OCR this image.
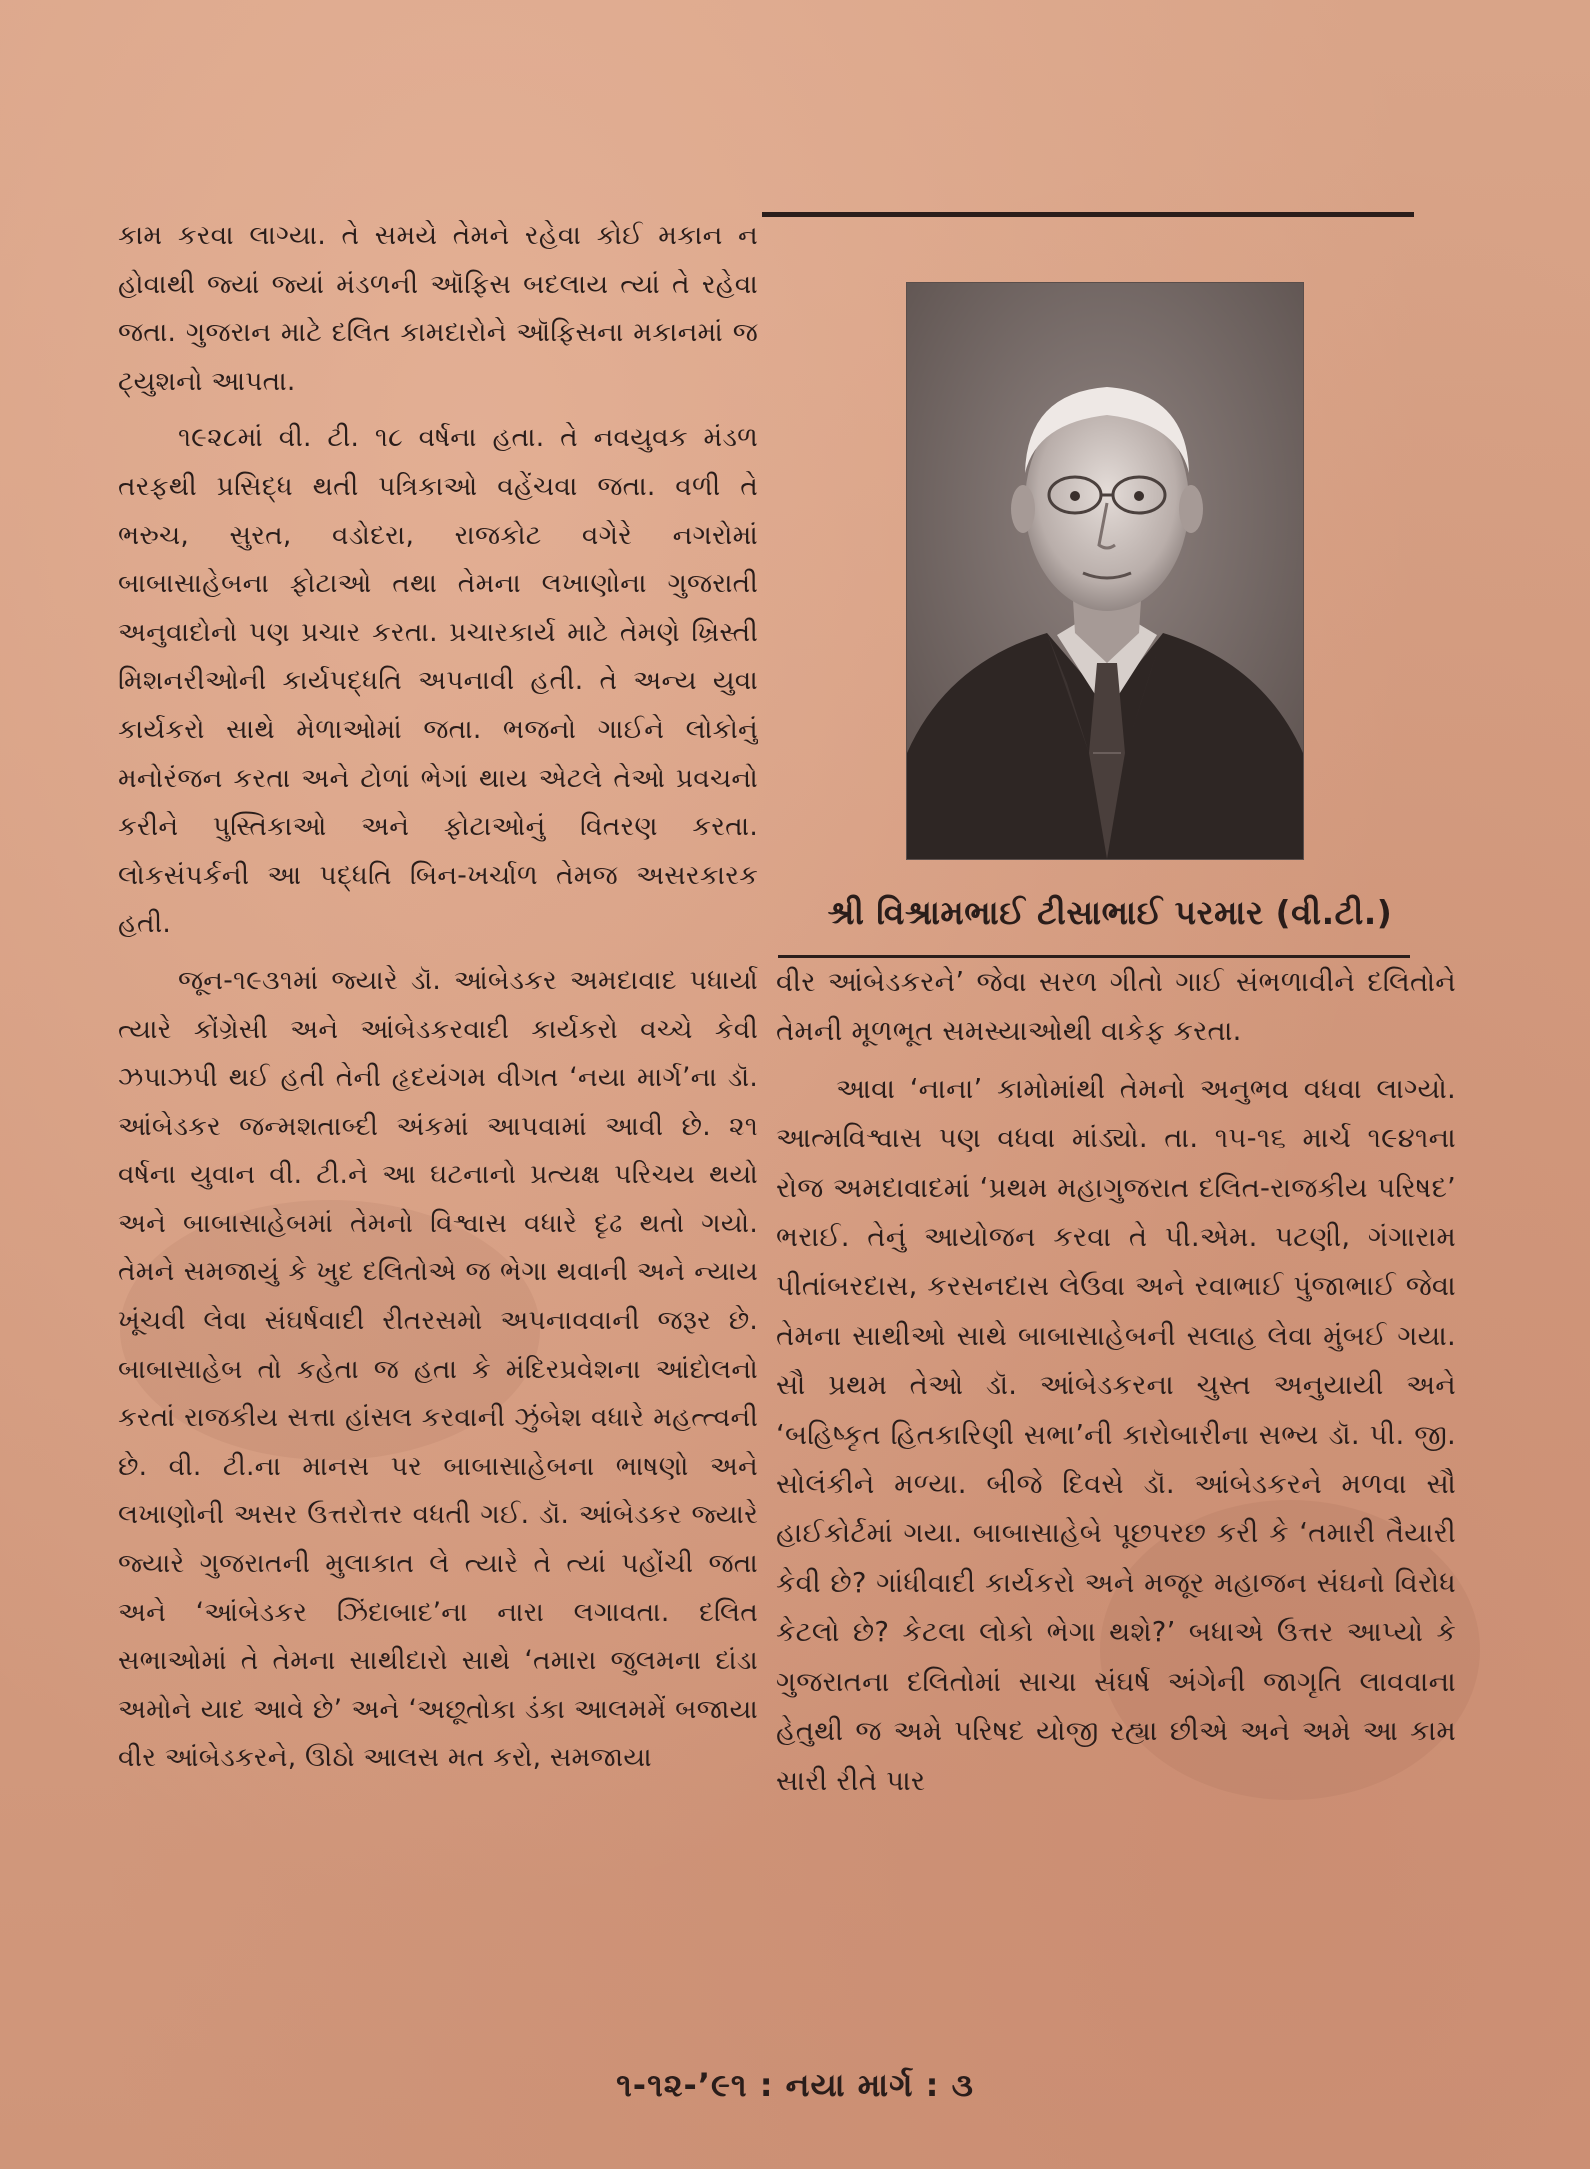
કામ કરવા લાગ્યા. તે સમયે તેમને રહેવા કોઈ મકાન ન હોવાથી જ્યાં જ્યાં મંડળની ઑફિસ બદલાય ત્યાં તે રહેવા જતા. ગુજરાન માટે દલિત કામદારોને ઑફિસના મકાનમાં જ ટ્યુશનો આપતા.

૧૯૨૮માં વી. ટી. ૧૮ વર્ષના હતા. તે નવયુવક મંડળ તરફથી પ્રસિદ્ધ થતી પત્રિકાઓ વહેંચવા જતા. વળી તે ભરુચ, સુરત, વડોદરા, રાજકોટ વગેરે નગરોમાં બાબાસાહેબના ફોટાઓ તથા તેમના લખાણોના ગુજરાતી અનુવાદોનો પણ પ્રચાર કરતા. પ્રચારકાર્ય માટે તેમણે ખ્રિસ્તી મિશનરીઓની કાર્યપદ્ધતિ અપનાવી હતી. તે અન્ય યુવા કાર્યકરો સાથે મેળાઓમાં જતા. ભજનો ગાઈને લોકોનું મનોરંજન કરતા અને ટોળાં ભેગાં થાય એટલે તેઓ પ્રવચનો કરીને પુસ્તિકાઓ અને ફોટાઓનું વિતરણ કરતા. લોકસંપર્કની આ પદ્ધતિ બિન-ખર્ચાળ તેમજ અસરકારક હતી.

જૂન-૧૯૩૧માં જ્યારે ડૉ. આંબેડકર અમદાવાદ પધાર્યા ત્યારે કોંગ્રેસી અને આંબેડકરવાદી કાર્યકરો વચ્ચે કેવી ઝપાઝપી થઈ હતી તેની હૃદયંગમ વીગત ‘નયા માર્ગ’ના ડૉ. આંબેડકર જન્મશતાબ્દી અંકમાં આપવામાં આવી છે. ૨૧ વર્ષના યુવાન વી. ટી.ને આ ઘટનાનો પ્રત્યક્ષ પરિચય થયો અને બાબાસાહેબમાં તેમનો વિશ્વાસ વધારે દૃઢ થતો ગયો. તેમને સમજાયું કે ખુદ દલિતોએ જ ભેગા થવાની અને ન્યાય ખૂંચવી લેવા સંઘર્ષવાદી રીતરસમો અપનાવવાની જરૂર છે. બાબાસાહેબ તો કહેતા જ હતા કે મંદિરપ્રવેશના આંદોલનો કરતાં રાજકીય સત્તા હાંસલ કરવાની ઝુંબેશ વધારે મહત્ત્વની છે. વી. ટી.ના માનસ પર બાબાસાહેબના ભાષણો અને લખાણોની અસર ઉત્તરોત્તર વધતી ગઈ. ડૉ. આંબેડકર જ્યારે જ્યારે ગુજરાતની મુલાકાત લે ત્યારે તે ત્યાં પહોંચી જતા અને ‘આંબેડકર ઝિંદાબાદ’ના નારા લગાવતા. દલિત સભાઓમાં તે તેમના સાથીદારો સાથે ‘તમારા જુલમના દાંડા અમોને યાદ આવે છે’ અને ‘અછૂતોકા ડંકા આલમમેં બજાયા વીર આંબેડકરને, ઊઠો આલસ મત કરો, સમજાયા

શ્રી વિશ્રામભાઈ ટીસાભાઈ પરમાર (વી.ટી.)

વીર આંબેડકરને’ જેવા સરળ ગીતો ગાઈ સંભળાવીને દલિતોને તેમની મૂળભૂત સમસ્યાઓથી વાકેફ કરતા.

આવા ‘નાના’ કામોમાંથી તેમનો અનુભવ વધવા લાગ્યો. આત્મવિશ્વાસ પણ વધવા માંડ્યો. તા. ૧૫-૧૬ માર્ચ ૧૯૪૧ના રોજ અમદાવાદમાં ‘પ્રથમ મહાગુજરાત દલિત-રાજકીય પરિષદ’ ભરાઈ. તેનું આયોજન કરવા તે પી.એમ. પટણી, ગંગારામ પીતાંબરદાસ, કરસનદાસ લેઉવા અને રવાભાઈ પુંજાભાઈ જેવા તેમના સાથીઓ સાથે બાબાસાહેબની સલાહ લેવા મુંબઈ ગયા. સૌ પ્રથમ તેઓ ડૉ. આંબેડકરના ચુસ્ત અનુયાયી અને ‘બહિષ્કૃત હિતકારિણી સભા’ની કારોબારીના સભ્ય ડૉ. પી. જી. સોલંકીને મળ્યા. બીજે દિવસે ડૉ. આંબેડકરને મળવા સૌ હાઈકોર્ટમાં ગયા. બાબાસાહેબે પૂછપરછ કરી કે ‘તમારી તૈયારી કેવી છે? ગાંધીવાદી કાર્યકરો અને મજૂર મહાજન સંઘનો વિરોધ કેટલો છે? કેટલા લોકો ભેગા થશે?’ બધાએ ઉત્તર આપ્યો કે ગુજરાતના દલિતોમાં સાચા સંઘર્ષ અંગેની જાગૃતિ લાવવાના હેતુથી જ અમે પરિષદ યોજી રહ્યા છીએ અને અમે આ કામ સારી રીતે પાર

૧-૧૨-’૯૧ : નયા માર્ગ : ૩
